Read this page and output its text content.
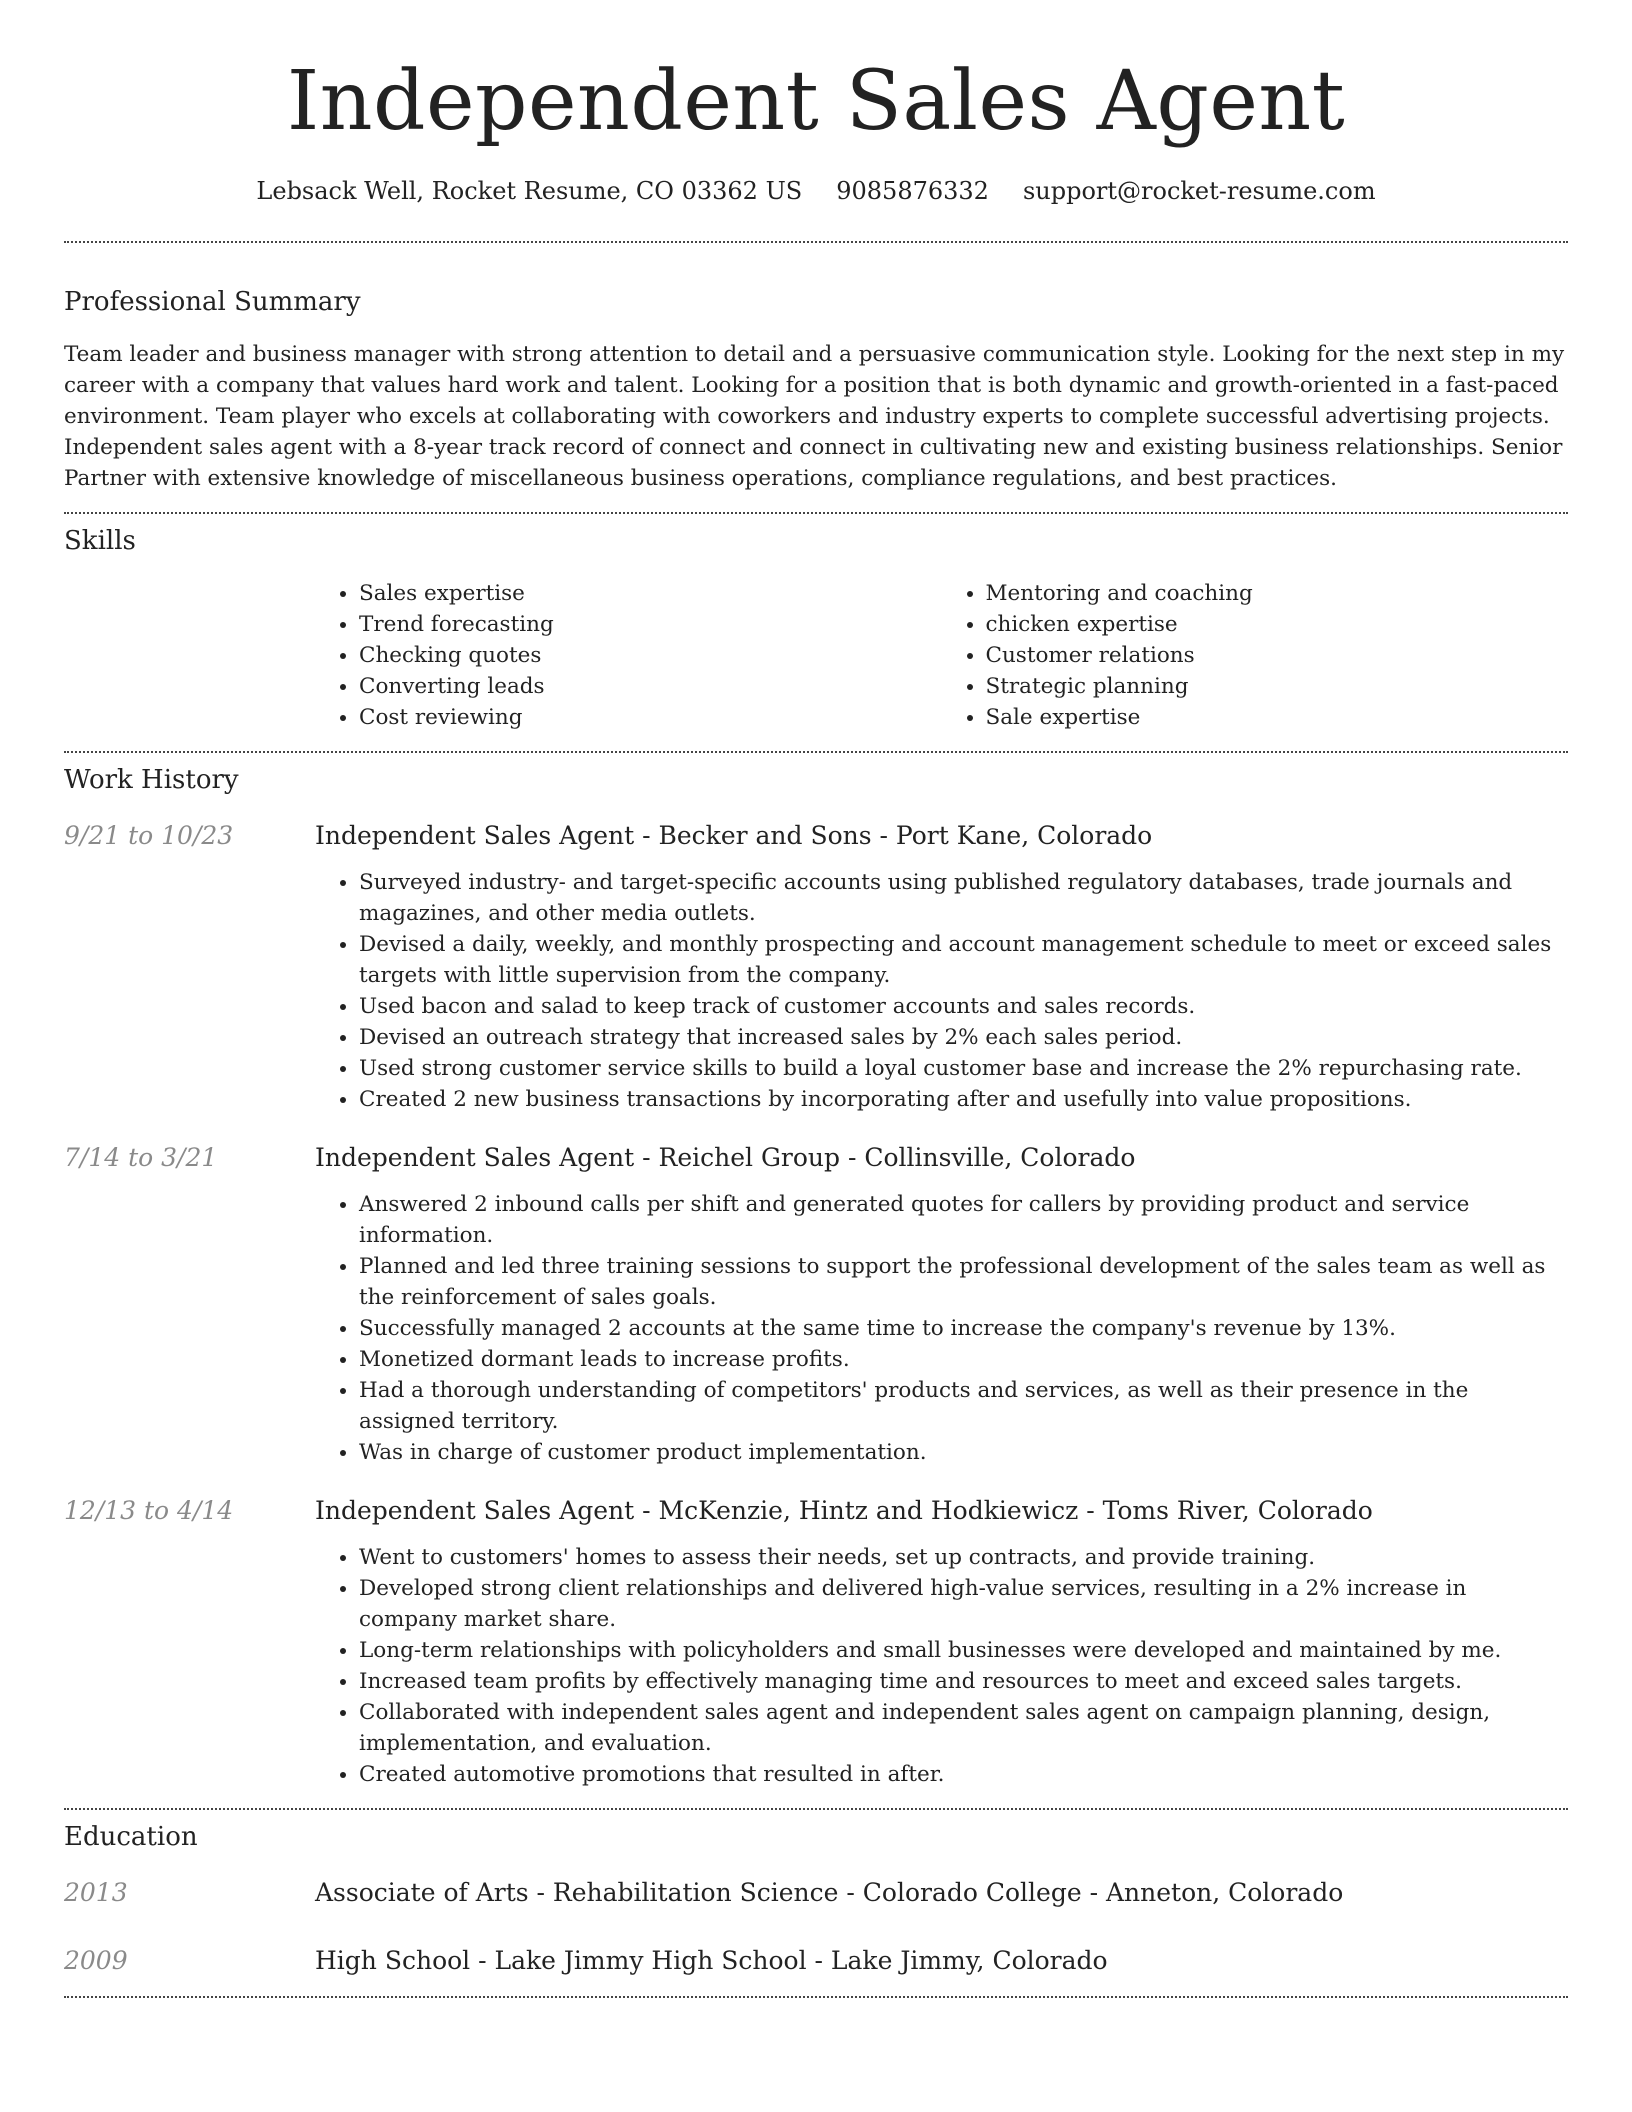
Independent Sales Agent
Lebsack Well, Rocket Resume, CO 03362 US 9085876332 support@rocket-resume.com
Professional Summary

Team leader and business manager with strong attention to detail and a persuasive communication style. Looking for the next step in my career with a company that values hard work and talent. Looking for a position that is both dynamic and growth-oriented in a fast-paced environment. Team player who excels at collaborating with coworkers and industry experts to complete successful advertising projects. Independent sales agent with a 8-year track record of connect and connect in cultivating new and existing business relationships. Senior Partner with extensive knowledge of miscellaneous business operations, compliance regulations, and best practices.

Skills
• Sales expertise
• Trend forecasting
• Checking quotes
• Converting leads
• Cost reviewing
• Mentoring and coaching
• chicken expertise
• Customer relations
• Strategic planning
• Sale expertise
Work History
9/21 to 10/23	Independent Sales Agent - Becker and Sons - Port Kane, Colorado

• Surveyed industry- and target-specific accounts using published regulatory databases, trade journals and magazines, and other media outlets.
• Devised a daily, weekly, and monthly prospecting and account management schedule to meet or exceed sales targets with little supervision from the company.
• Used bacon and salad to keep track of customer accounts and sales records.
• Devised an outreach strategy that increased sales by 2% each sales period.
• Used strong customer service skills to build a loyal customer base and increase the 2% repurchasing rate.
• Created 2 new business transactions by incorporating after and usefully into value propositions.
7/14 to 3/21	Independent Sales Agent - Reichel Group - Collinsville, Colorado

• Answered 2 inbound calls per shift and generated quotes for callers by providing product and service information.
• Planned and led three training sessions to support the professional development of the sales team as well as the reinforcement of sales goals.
• Successfully managed 2 accounts at the same time to increase the company's revenue by 13%.
• Monetized dormant leads to increase profits.
• Had a thorough understanding of competitors' products and services, as well as their presence in the assigned territory.
• Was in charge of customer product implementation.
12/13 to 4/14	Independent Sales Agent - McKenzie, Hintz and Hodkiewicz - Toms River, Colorado

• Went to customers' homes to assess their needs, set up contracts, and provide training.
• Developed strong client relationships and delivered high-value services, resulting in a 2% increase in company market share.
• Long-term relationships with policyholders and small businesses were developed and maintained by me.
• Increased team profits by effectively managing time and resources to meet and exceed sales targets.
• Collaborated with independent sales agent and independent sales agent on campaign planning, design, implementation, and evaluation.
• Created automotive promotions that resulted in after.
Education
2013	Associate of Arts - Rehabilitation Science - Colorado College - Anneton, Colorado

2009	High School - Lake Jimmy High School - Lake Jimmy, Colorado
